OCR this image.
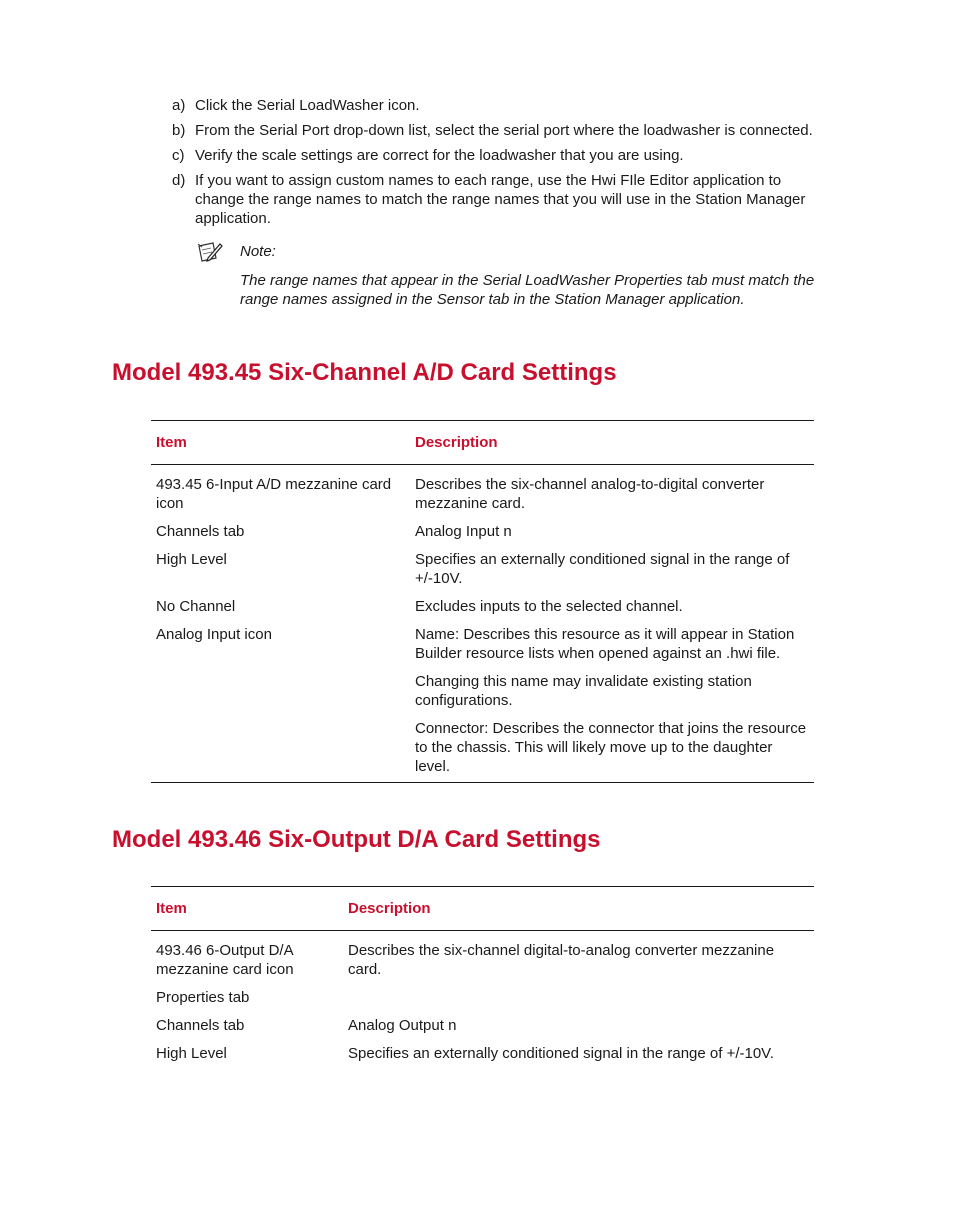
a) Click the Serial LoadWasher icon.
b) From the Serial Port drop-down list, select the serial port where the loadwasher is connected.
c) Verify the scale settings are correct for the loadwasher that you are using.
d) If you want to assign custom names to each range, use the Hwi FIle Editor application to change the range names to match the range names that you will use in the Station Manager application.
Note:
The range names that appear in the Serial LoadWasher Properties tab must match the range names assigned in the Sensor tab in the Station Manager application.
Model 493.45 Six-Channel A/D Card Settings
Item	Description

493.45 6-Input A/D mezzanine card icon	Describes the six-channel analog-to-digital converter mezzanine card.

Channels tab	Analog Input n

High Level	Specifies an externally conditioned signal in the range of +/-10V.

No Channel	Excludes inputs to the selected channel.

Analog Input icon	Name: Describes this resource as it will appear in Station Builder resource lists when opened against an .hwi file.

Changing this name may invalidate existing station configurations.

Connector: Describes the connector that joins the resource to the chassis. This will likely move up to the daughter level.

Model 493.46 Six-Output D/A Card Settings
Item	Description

493.46 6-Output D/A mezzanine card icon	Describes the six-channel digital-to-analog converter mezzanine card.

Properties tab	

Channels tab	Analog Output n

High Level	Specifies an externally conditioned signal in the range of +/-10V.
